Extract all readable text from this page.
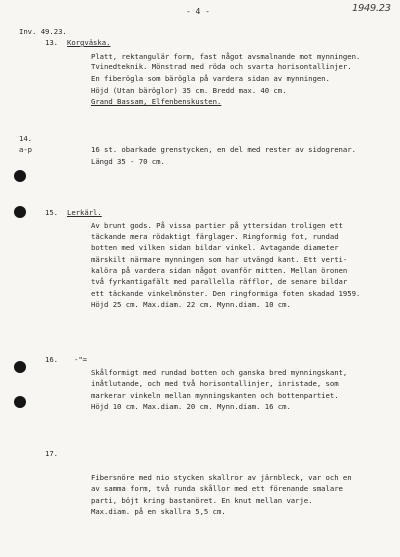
- 4 -	1949.23
Inv. 49.23.
13. Korgväska.
Platt, rektangulär form, fast något avsmalnande mot mynningen.
Tvinedteknik. Mönstrad med röda och svarta horisontallinjer.
En fiberögla som bärögla på vardera sidan av mynningen.
Höjd (Utan bäröglor) 35 cm. Bredd max. 40 cm.
Grand Bassam, Elfenbenskusten.
14.
a-p	16 st. obarkade grenstycken, en del med rester av sidogrenar.
Längd 35 - 70 cm.
15. Lerkärl.
Av brunt gods. På vissa partier på yttersidan troligen ett
täckande mera rödaktigt färglager. Ringformig fot, rundad
botten med vilken sidan bildar vinkel. Avtagande diameter
märskilt närmare mynningen som har utvängd kant. Ett verti-
kalöra på vardera sidan något ovanför mitten. Mellan öronen
två fyrkantigafält med parallella räfflor, de senare bildar
ett täckande vinkelmönster. Den ringformiga foten skadad 1959.
Höjd 25 cm. Max.diam. 22 cm. Mynn.diam. 10 cm.
16. -"=
Skålformigt med rundad botten och ganska bred mynningskant,
inåtlutande, och med två horisontallinjer, inristade, som
markerar vinkeln mellan mynningskanten och bottenpartiet.
Höjd 10 cm. Max.diam. 20 cm. Mynn.diam. 16 cm.
17.
Fibersnöre med nio stycken skallror av järnbleck, var och en
av samma form, två runda skållor med ett förenande smalare
parti, böjt kring bastanöret. En knut mellan varje.
Max.diam. på en skallra 5,5 cm.
